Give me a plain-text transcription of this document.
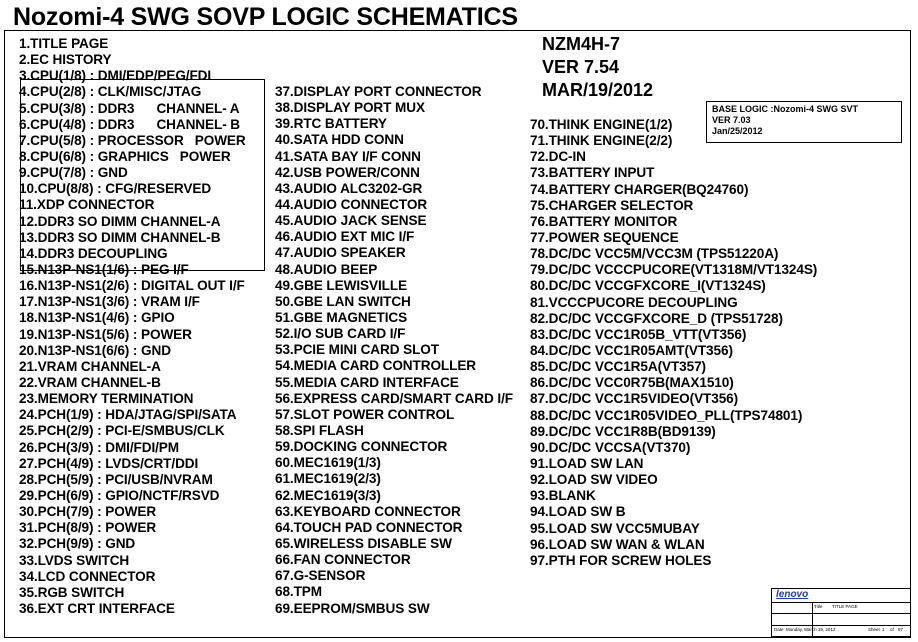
Nozomi-4 SWG SOVP LOGIC SCHEMATICS
NZM4H-7
VER 7.54
MAR/19/2012
BASE LOGIC :Nozomi-4 SWG SVT
VER 7.03
Jan/25/2012
1.TITLE PAGE
2.EC HISTORY
3.CPU(1/8) : DMI/EDP/PEG/FDI
4.CPU(2/8) : CLK/MISC/JTAG
5.CPU(3/8) : DDR3      CHANNEL- A
6.CPU(4/8) : DDR3      CHANNEL- B
7.CPU(5/8) : PROCESSOR   POWER
8.CPU(6/8) : GRAPHICS   POWER
9.CPU(7/8) : GND
10.CPU(8/8) : CFG/RESERVED
11.XDP CONNECTOR
12.DDR3 SO DIMM CHANNEL-A
13.DDR3 SO DIMM CHANNEL-B
14.DDR3 DECOUPLING
15.N13P-NS1(1/6) : PEG I/F
16.N13P-NS1(2/6) : DIGITAL OUT I/F
17.N13P-NS1(3/6) : VRAM I/F
18.N13P-NS1(4/6) : GPIO
19.N13P-NS1(5/6) : POWER
20.N13P-NS1(6/6) : GND
21.VRAM CHANNEL-A
22.VRAM CHANNEL-B
23.MEMORY TERMINATION
24.PCH(1/9) : HDA/JTAG/SPI/SATA
25.PCH(2/9) : PCI-E/SMBUS/CLK
26.PCH(3/9) : DMI/FDI/PM
27.PCH(4/9) : LVDS/CRT/DDI
28.PCH(5/9) : PCI/USB/NVRAM
29.PCH(6/9) : GPIO/NCTF/RSVD
30.PCH(7/9) : POWER
31.PCH(8/9) : POWER
32.PCH(9/9) : GND
33.LVDS SWITCH
34.LCD CONNECTOR
35.RGB SWITCH
36.EXT CRT INTERFACE
37.DISPLAY PORT CONNECTOR
38.DISPLAY PORT MUX
39.RTC BATTERY
40.SATA HDD CONN
41.SATA BAY I/F CONN
42.USB POWER/CONN
43.AUDIO ALC3202-GR
44.AUDIO CONNECTOR
45.AUDIO JACK SENSE
46.AUDIO EXT MIC I/F
47.AUDIO SPEAKER
48.AUDIO BEEP
49.GBE LEWISVILLE
50.GBE LAN SWITCH
51.GBE MAGNETICS
52.I/O SUB CARD I/F
53.PCIE MINI CARD SLOT
54.MEDIA CARD CONTROLLER
55.MEDIA CARD INTERFACE
56.EXPRESS CARD/SMART CARD I/F
57.SLOT POWER CONTROL
58.SPI FLASH
59.DOCKING CONNECTOR
60.MEC1619(1/3)
61.MEC1619(2/3)
62.MEC1619(3/3)
63.KEYBOARD CONNECTOR
64.TOUCH PAD CONNECTOR
65.WIRELESS DISABLE SW
66.FAN CONNECTOR
67.G-SENSOR
68.TPM
69.EEPROM/SMBUS SW
70.THINK ENGINE(1/2)
71.THINK ENGINE(2/2)
72.DC-IN
73.BATTERY INPUT
74.BATTERY CHARGER(BQ24760)
75.CHARGER SELECTOR
76.BATTERY MONITOR
77.POWER SEQUENCE
78.DC/DC VCC5M/VCC3M (TPS51220A)
79.DC/DC VCCCPUCORE(VT1318M/VT1324S)
80.DC/DC VCCGFXCORE_I(VT1324S)
81.VCCCPUCORE DECOUPLING
82.DC/DC VCCGFXCORE_D (TPS51728)
83.DC/DC VCC1R05B_VTT(VT356)
84.DC/DC VCC1R05AMT(VT356)
85.DC/DC VCC1R5A(VT357)
86.DC/DC VCC0R75B(MAX1510)
87.DC/DC VCC1R5VIDEO(VT356)
88.DC/DC VCC1R05VIDEO_PLL(TPS74801)
89.DC/DC VCC1R8B(BD9139)
90.DC/DC VCCSA(VT370)
91.LOAD SW LAN
92.LOAD SW VIDEO
93.BLANK
94.LOAD SW B
95.LOAD SW VCC5MUBAY
96.LOAD SW WAN & WLAN
97.PTH FOR SCREW HOLES
lenovo
Title TITLE PAGE
Date Monday, March 19, 2012	Sheet 1 of 97
